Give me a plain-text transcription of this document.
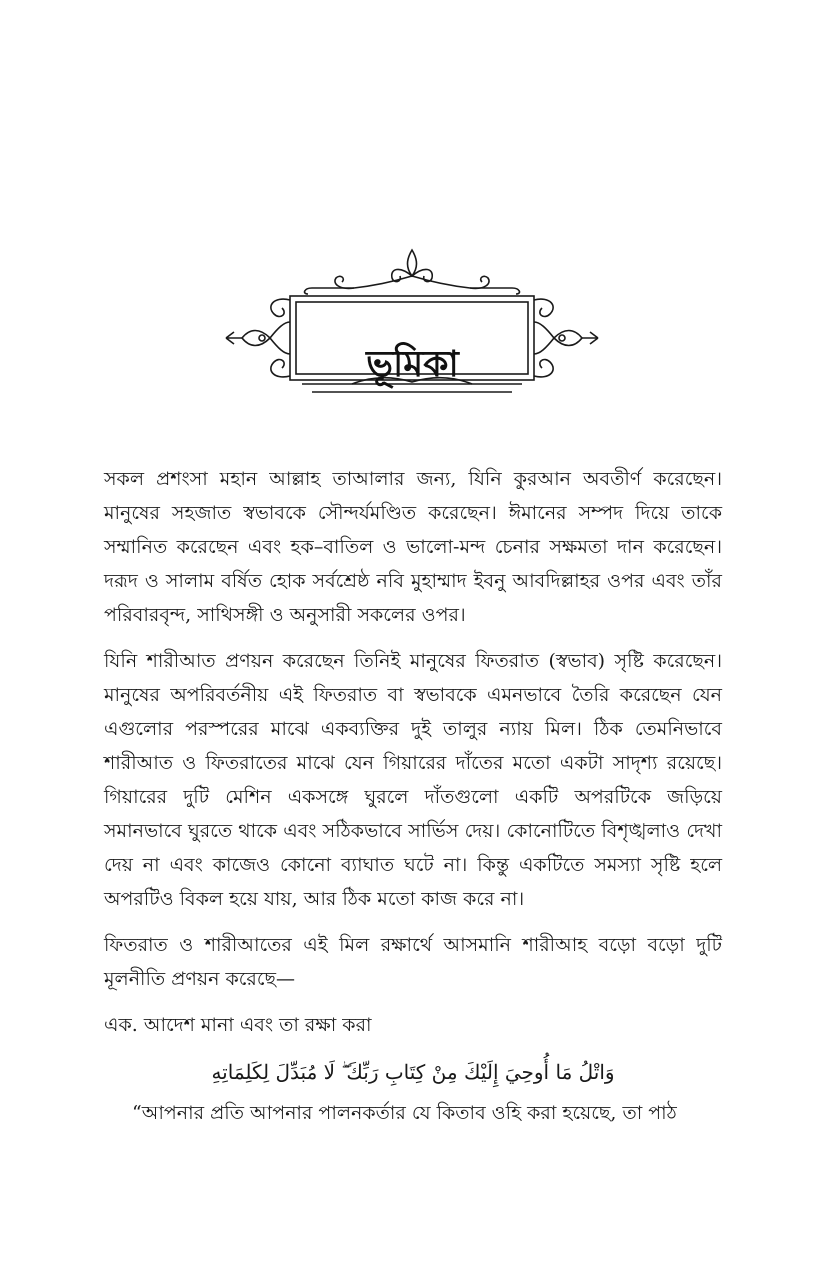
ভূমিকা

সকল প্রশংসা মহান আল্লাহ তাআলার জন্য, যিনি কুরআন অবতীর্ণ করেছেন। মানুষের সহজাত স্বভাবকে সৌন্দর্যমণ্ডিত করেছেন। ঈমানের সম্পদ দিয়ে তাকে সম্মানিত করেছেন এবং হক–বাতিল ও ভালো-মন্দ চেনার সক্ষমতা দান করেছেন। দরূদ ও সালাম বর্ষিত হোক সর্বশ্রেষ্ঠ নবি মুহাম্মাদ ইবনু আবদিল্লাহর ওপর এবং তাঁর পরিবারবৃন্দ, সাথিসঙ্গী ও অনুসারী সকলের ওপর।

যিনি শারীআত প্রণয়ন করেছেন তিনিই মানুষের ফিতরাত (স্বভাব) সৃষ্টি করেছেন। মানুষের অপরিবর্তনীয় এই ফিতরাত বা স্বভাবকে এমনভাবে তৈরি করেছেন যেন এগুলোর পরস্পরের মাঝে একব্যক্তির দুই তালুর ন্যায় মিল। ঠিক তেমনিভাবে শারীআত ও ফিতরাতের মাঝে যেন গিয়ারের দাঁতের মতো একটা সাদৃশ্য রয়েছে। গিয়ারের দুটি মেশিন একসঙ্গে ঘুরলে দাঁতগুলো একটি অপরটিকে জড়িয়ে সমানভাবে ঘুরতে থাকে এবং সঠিকভাবে সার্ভিস দেয়। কোনোটিতে বিশৃঙ্খলাও দেখা দেয় না এবং কাজেও কোনো ব্যাঘাত ঘটে না। কিন্তু একটিতে সমস্যা সৃষ্টি হলে অপরটিও বিকল হয়ে যায়, আর ঠিক মতো কাজ করে না।

ফিতরাত ও শারীআতের এই মিল রক্ষার্থে আসমানি শারীআহ বড়ো বড়ো দুটি মূলনীতি প্রণয়ন করেছে—

এক. আদেশ মানা এবং তা রক্ষা করা
وَاتْلُ مَا أُوحِيَ إِلَيْكَ مِنْ كِتَابِ رَبِّكَ ۖ لَا مُبَدِّلَ لِكَلِمَاتِهِ

“আপনার প্রতি আপনার পালনকর্তার যে কিতাব ওহি করা হয়েছে, তা পাঠ
